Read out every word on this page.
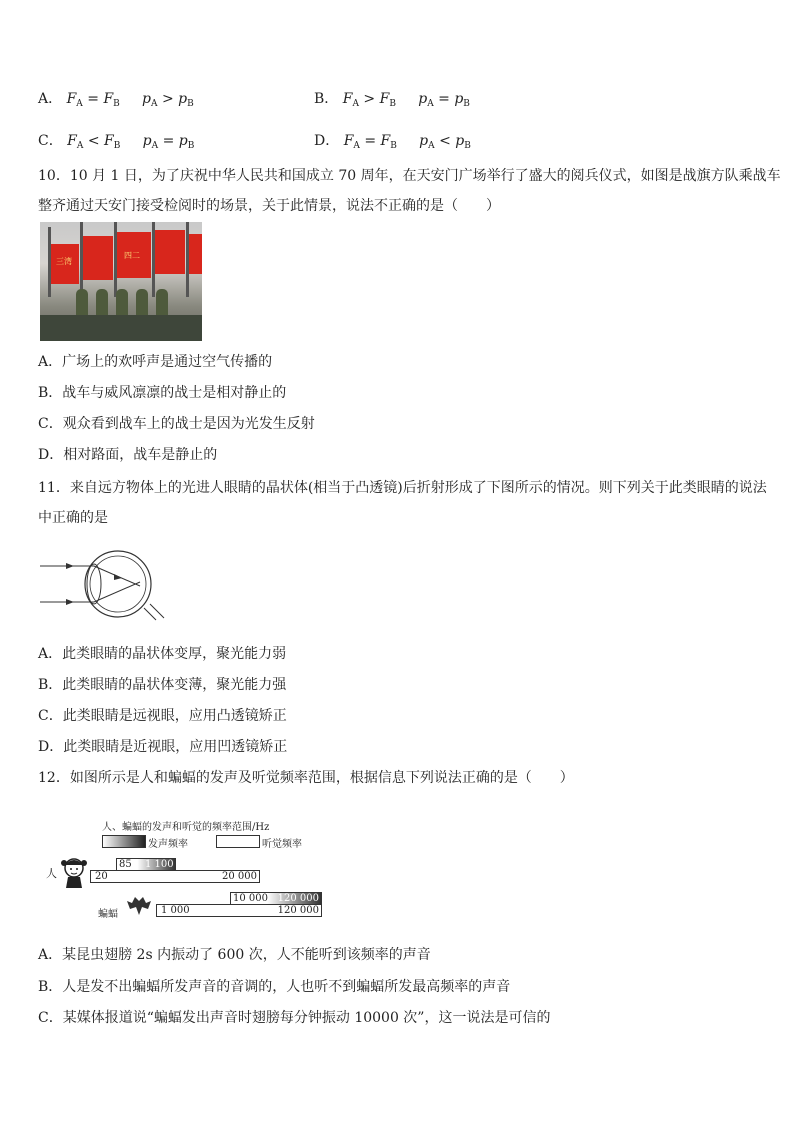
A． $F_A = F_B$ $p_A > p_B$	B． $F_A > F_B$ $p_A = p_B$
C． $F_A < F_B$ $p_A = p_B$	D． $F_A = F_B$ $p_A < p_B$
10．10 月 1 日，为了庆祝中华人民共和国成立 70 周年，在天安门广场举行了盛大的阅兵仪式，如图是战旗方队乘战车
整齐通过天安门接受检阅时的场景，关于此情景，说法不正确的是（　　）
三湾
四二
A．广场上的欢呼声是通过空气传播的
B．战车与威风凛凛的战士是相对静止的
C．观众看到战车上的战士是因为光发生反射
D．相对路面，战车是静止的
11．来自远方物体上的光进人眼睛的晶状体(相当于凸透镜)后折射形成了下图所示的情况。则下列关于此类眼睛的说法
中正确的是
A．此类眼睛的晶状体变厚，聚光能力弱
B．此类眼睛的晶状体变薄，聚光能力强
C．此类眼睛是远视眼，应用凸透镜矫正
D．此类眼睛是近视眼，应用凹透镜矫正
12．如图所示是人和蝙蝠的发声及听觉频率范围，根据信息下列说法正确的是（　　）
人、蝙蝠的发声和听觉的频率范围/Hz
发声频率	听觉频率
人
85 1 100
20	20 000
蝙蝠
10 000 120 000
1 000	120 000
A．某昆虫翅膀 2s 内振动了 600 次，人不能听到该频率的声音
B．人是发不出蝙蝠所发声音的音调的，人也听不到蝙蝠所发最高频率的声音
C．某媒体报道说“蝙蝠发出声音时翅膀每分钟振动 10000 次”，这一说法是可信的
